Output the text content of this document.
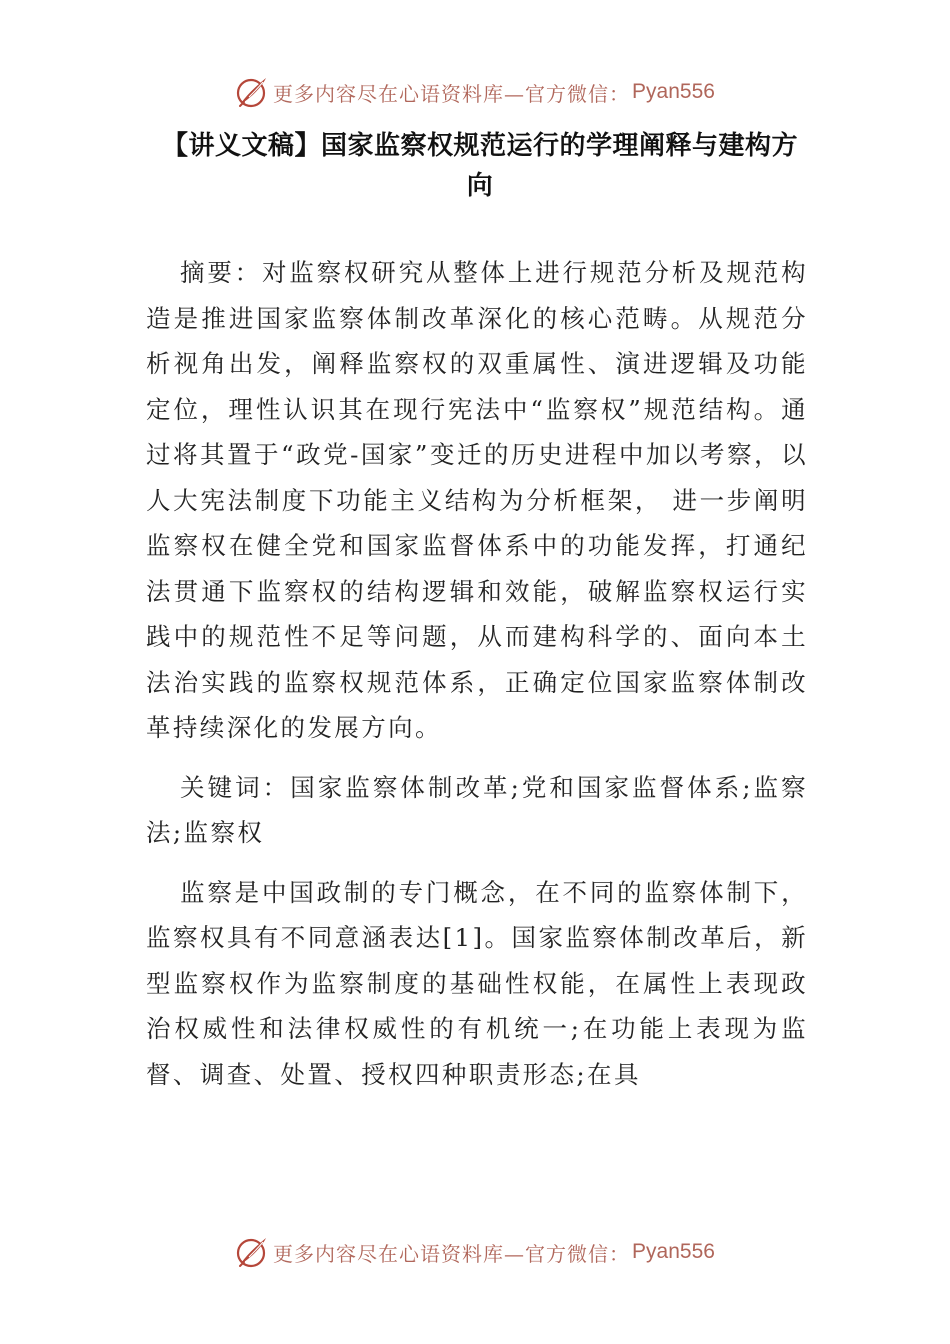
更多内容尽在心语资料库—官方微信： Pyan556
【讲义文稿】国家监察权规范运行的学理阐释与建构方向

摘要：对监察权研究从整体上进行规范分析及规范构造是推进国家监察体制改革深化的核心范畴。从规范分析视角出发，阐释监察权的双重属性、演进逻辑及功能定位，理性认识其在现行宪法中“监察权”规范结构。通过将其置于“政党-国家”变迁的历史进程中加以考察，以人大宪法制度下功能主义结构为分析框架， 进一步阐明监察权在健全党和国家监督体系中的功能发挥，打通纪法贯通下监察权的结构逻辑和效能，破解监察权运行实践中的规范性不足等问题，从而建构科学的、面向本土法治实践的监察权规范体系，正确定位国家监察体制改革持续深化的发展方向。

关键词：国家监察体制改革;党和国家监督体系;监察法;监察权

监察是中国政制的专门概念，在不同的监察体制下，监察权具有不同意涵表达[1]。国家监察体制改革后，新型监察权作为监察制度的基础性权能，在属性上表现政治权威性和法律权威性的有机统一;在功能上表现为监督、调查、处置、授权四种职责形态;在具

更多内容尽在心语资料库—官方微信： Pyan556
